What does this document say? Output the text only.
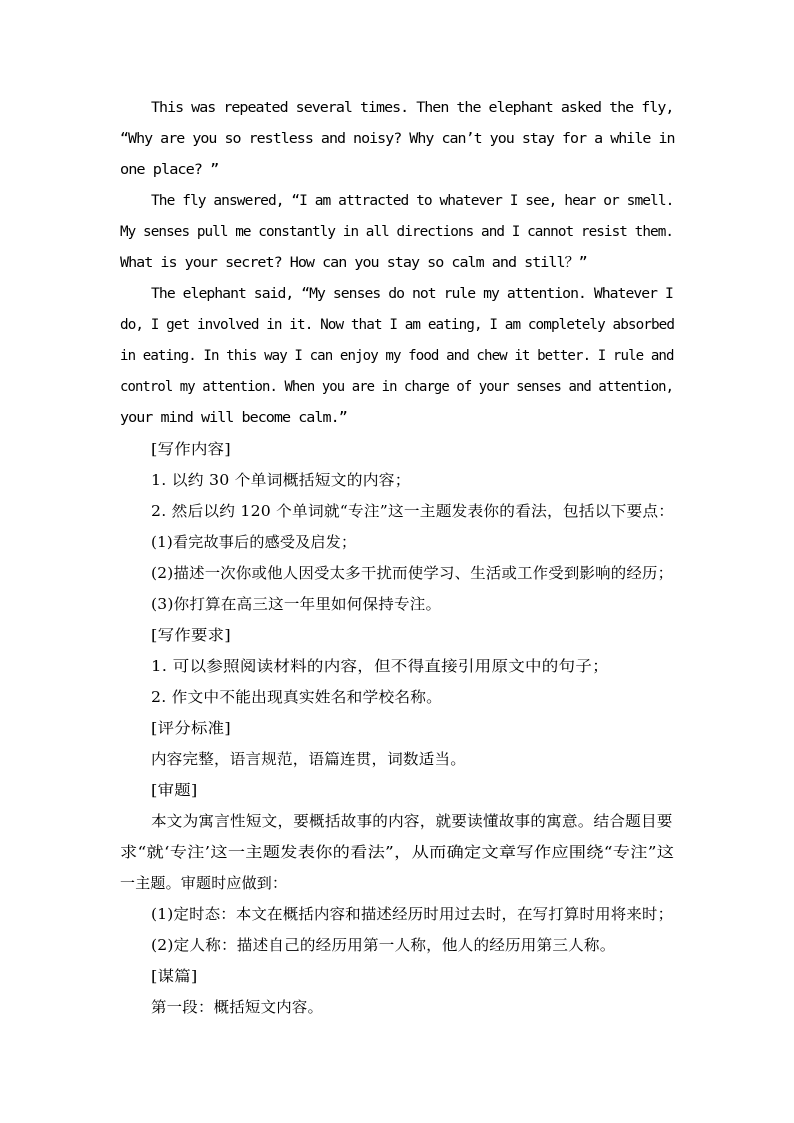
This was repeated several times. Then the elephant asked the fly,
“Why are you so restless and noisy? Why can’t you stay for a while in
one place? ”
The fly answered, “I am attracted to whatever I see, hear or smell.
My senses pull me constantly in all directions and I cannot resist them.
What is your secret? How can you stay so calm and still？”
The elephant said, “My senses do not rule my attention. Whatever I
do, I get involved in it. Now that I am eating, I am completely absorbed
in eating. In this way I can enjoy my food and chew it better. I rule and
control my attention. When you are in charge of your senses and attention,
your mind will become calm.”
[写作内容]
1. 以约 30 个单词概括短文的内容；
2. 然后以约 120 个单词就“专注”这一主题发表你的看法，包括以下要点：
(1)看完故事后的感受及启发；
(2)描述一次你或他人因受太多干扰而使学习、生活或工作受到影响的经历；
(3)你打算在高三这一年里如何保持专注。
[写作要求]
1. 可以参照阅读材料的内容，但不得直接引用原文中的句子；
2. 作文中不能出现真实姓名和学校名称。
[评分标准]
内容完整，语言规范，语篇连贯，词数适当。
[审题]
本文为寓言性短文，要概括故事的内容，就要读懂故事的寓意。结合题目要
求“就‘专注’这一主题发表你的看法”，从而确定文章写作应围绕“专注”这
一主题。审题时应做到：
(1)定时态：本文在概括内容和描述经历时用过去时，在写打算时用将来时；
(2)定人称：描述自己的经历用第一人称，他人的经历用第三人称。
[谋篇]
第一段：概括短文内容。
